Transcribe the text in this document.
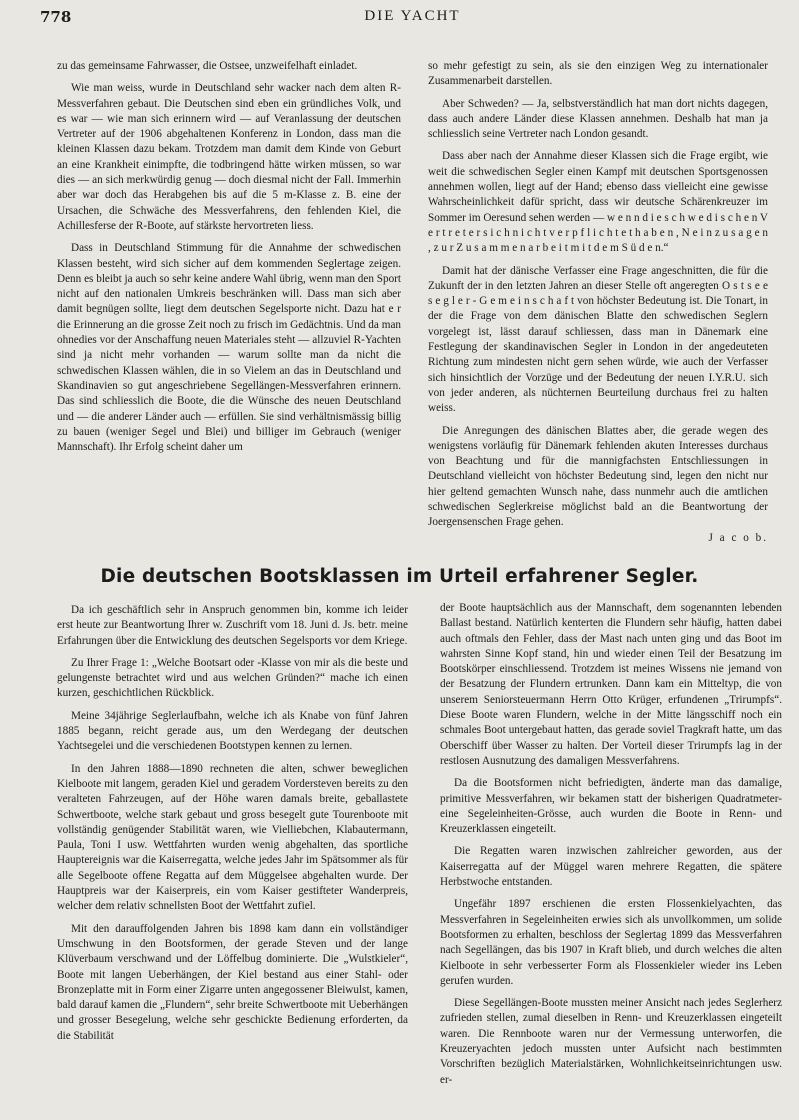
778	DIE YACHT

zu das gemeinsame Fahrwasser, die Ostsee, unzweifelhaft einladet.

Wie man weiss, wurde in Deutschland sehr wacker nach dem alten R-Messverfahren gebaut. Die Deutschen sind eben ein gründliches Volk, und es war — wie man sich erinnern wird — auf Veranlassung der deutschen Vertreter auf der 1906 abgehaltenen Konferenz in London, dass man die kleinen Klassen dazu bekam. Trotzdem man damit dem Kinde von Geburt an eine Krankheit einimpfte, die todbringend hätte wirken müssen, so war dies — an sich merkwürdig genug — doch diesmal nicht der Fall. Immerhin aber war doch das Herabgehen bis auf die 5 m-Klasse z. B. eine der Ursachen, die Schwäche des Messverfahrens, den fehlenden Kiel, die Achillesferse der R-Boote, auf stärkste hervortreten liess.

Dass in Deutschland Stimmung für die Annahme der schwedischen Klassen besteht, wird sich sicher auf dem kommenden Seglertage zeigen. Denn es bleibt ja auch so sehr keine andere Wahl übrig, wenn man den Sport nicht auf den nationalen Umkreis beschränken will. Dass man sich aber damit begnügen sollte, liegt dem deutschen Segelsporte nicht. Dazu hat e r die Erinnerung an die grosse Zeit noch zu frisch im Gedächtnis. Und da man ohnedies vor der Anschaffung neuen Materiales steht — allzuviel R-Yachten sind ja nicht mehr vorhanden — warum sollte man da nicht die schwedischen Klassen wählen, die in so Vielem an das in Deutschland und Skandinavien so gut angeschriebene Segellängen-Messverfahren erinnern. Das sind schliesslich die Boote, die die Wünsche des neuen Deutschland und — die anderer Länder auch — erfüllen. Sie sind verhältnismässig billig zu bauen (weniger Segel und Blei) und billiger im Gebrauch (weniger Mannschaft). Ihr Erfolg scheint daher um

so mehr gefestigt zu sein, als sie den einzigen Weg zu internationaler Zusammenarbeit darstellen.

Aber Schweden? — Ja, selbstverständlich hat man dort nichts dagegen, dass auch andere Länder diese Klassen annehmen. Deshalb hat man ja schliesslich seine Vertreter nach London gesandt.

Dass aber nach der Annahme dieser Klassen sich die Frage ergibt, wie weit die schwedischen Segler einen Kampf mit deutschen Sportsgenossen annehmen wollen, liegt auf der Hand; ebenso dass vielleicht eine gewisse Wahrscheinlichkeit dafür spricht, dass wir deutsche Schärenkreuzer im Sommer im Oeresund sehen werden — w e n n d i e s c h w e d i s c h e n V e r t r e t e r s i c h n i c h t v e r p f l i c h t e t h a b e n , N e i n z u s a g e n , z u r Z u s a m m e n a r b e i t m i t d e m S ü d e n.“

Damit hat der dänische Verfasser eine Frage angeschnitten, die für die Zukunft der in den letzten Jahren an dieser Stelle oft angeregten O s t s e e s e g l e r - G e m e i n s c h a f t von höchster Bedeutung ist. Die Tonart, in der die Frage von dem dänischen Blatte den schwedischen Seglern vorgelegt ist, lässt darauf schliessen, dass man in Dänemark eine Festlegung der skandinavischen Segler in London in der angedeuteten Richtung zum mindesten nicht gern sehen würde, wie auch der Verfasser sich hinsichtlich der Vorzüge und der Bedeutung der neuen I.Y.R.U. sich von jeder anderen, als nüchternen Beurteilung durchaus frei zu halten weiss.

Die Anregungen des dänischen Blattes aber, die gerade wegen des wenigstens vorläufig für Dänemark fehlenden akuten Interesses durchaus von Beachtung und für die mannigfachsten Entschliessungen in Deutschland vielleicht von höchster Bedeutung sind, legen den nicht nur hier geltend gemachten Wunsch nahe, dass nunmehr auch die amtlichen schwedischen Seglerkreise möglichst bald an die Beantwortung der Joergensenschen Frage gehen.

J a c o b.
Die deutschen Bootsklassen im Urteil erfahrener Segler.

Da ich geschäftlich sehr in Anspruch genommen bin, komme ich leider erst heute zur Beantwortung Ihrer w. Zuschrift vom 18. Juni d. Js. betr. meine Erfahrungen über die Entwicklung des deutschen Segelsports vor dem Kriege.

Zu Ihrer Frage 1: „Welche Bootsart oder -Klasse von mir als die beste und gelungenste betrachtet wird und aus welchen Gründen?“ mache ich einen kurzen, geschichtlichen Rückblick.

Meine 34jährige Seglerlaufbahn, welche ich als Knabe von fünf Jahren 1885 begann, reicht gerade aus, um den Werdegang der deutschen Yachtsegelei und die verschiedenen Bootstypen kennen zu lernen.

In den Jahren 1888—1890 rechneten die alten, schwer beweglichen Kielboote mit langem, geraden Kiel und geradem Vordersteven bereits zu den veralteten Fahrzeugen, auf der Höhe waren damals breite, geballastete Schwertboote, welche stark gebaut und gross besegelt gute Tourenboote mit vollständig genügender Stabilität waren, wie Vielliebchen, Klabautermann, Paula, Toni I usw. Wettfahrten wurden wenig abgehalten, das sportliche Hauptereignis war die Kaiserregatta, welche jedes Jahr im Spätsommer als für alle Segelboote offene Regatta auf dem Müggelsee abgehalten wurde. Der Hauptpreis war der Kaiserpreis, ein vom Kaiser gestifteter Wanderpreis, welcher dem relativ schnellsten Boot der Wettfahrt zufiel.

Mit den darauffolgenden Jahren bis 1898 kam dann ein vollständiger Umschwung in den Bootsformen, der gerade Steven und der lange Klüverbaum verschwand und der Löffelbug dominierte. Die „Wulstkieler“, Boote mit langen Ueberhängen, der Kiel bestand aus einer Stahl- oder Bronzeplatte mit in Form einer Zigarre unten angegossener Bleiwulst, kamen, bald darauf kamen die „Flundern“, sehr breite Schwertboote mit Ueberhängen und grosser Besegelung, welche sehr geschickte Bedienung erforderten, da die Stabilität

der Boote hauptsächlich aus der Mannschaft, dem sogenannten lebenden Ballast bestand. Natürlich kenterten die Flundern sehr häufig, hatten dabei auch oftmals den Fehler, dass der Mast nach unten ging und das Boot im wahrsten Sinne Kopf stand, hin und wieder einen Teil der Besatzung im Bootskörper einschliessend. Trotzdem ist meines Wissens nie jemand von der Besatzung der Flundern ertrunken. Dann kam ein Mitteltyp, die von unserem Seniorsteuermann Herrn Otto Krüger, erfundenen „Trirumpfs“. Diese Boote waren Flundern, welche in der Mitte längsschiff noch ein schmales Boot untergebaut hatten, das gerade soviel Tragkraft hatte, um das Oberschiff über Wasser zu halten. Der Vorteil dieser Trirumpfs lag in der restlosen Ausnutzung des damaligen Messverfahrens.

Da die Bootsformen nicht befriedigten, änderte man das damalige, primitive Messverfahren, wir bekamen statt der bisherigen Quadratmeter- eine Segeleinheiten-Grösse, auch wurden die Boote in Renn- und Kreuzerklassen eingeteilt.

Die Regatten waren inzwischen zahlreicher geworden, aus der Kaiserregatta auf der Müggel waren mehrere Regatten, die spätere Herbstwoche entstanden.

Ungefähr 1897 erschienen die ersten Flossenkielyachten, das Messverfahren in Segeleinheiten erwies sich als unvollkommen, um solide Bootsformen zu erhalten, beschloss der Seglertag 1899 das Messverfahren nach Segellängen, das bis 1907 in Kraft blieb, und durch welches die alten Kielboote in sehr verbesserter Form als Flossenkieler wieder ins Leben gerufen wurden.

Diese Segellängen-Boote mussten meiner Ansicht nach jedes Seglerherz zufrieden stellen, zumal dieselben in Renn- und Kreuzerklassen eingeteilt waren. Die Rennboote waren nur der Vermessung unterworfen, die Kreuzeryachten jedoch mussten unter Aufsicht nach bestimmten Vorschriften bezüglich Materialstärken, Wohnlichkeitseinrichtungen usw. er-
